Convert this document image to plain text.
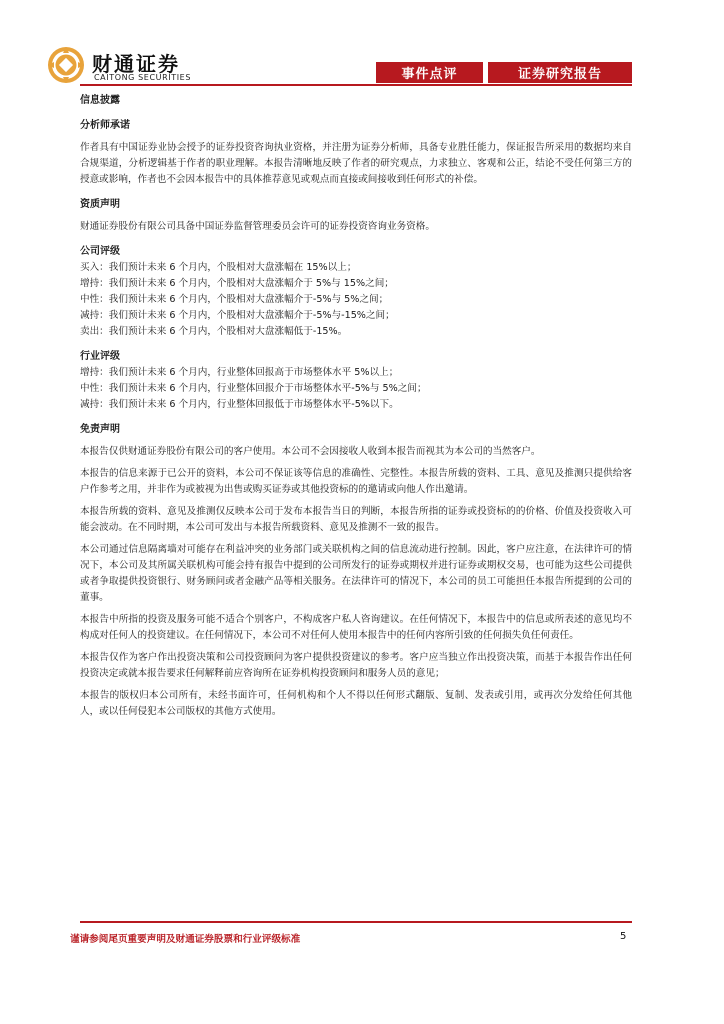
财通证券
CAITONG SECURITIES	事件点评	证券研究报告

信息披露

分析师承诺

作者具有中国证券业协会授予的证券投资咨询执业资格，并注册为证券分析师，具备专业胜任能力，保证报告所采用的数据均来自合规渠道，分析逻辑基于作者的职业理解。本报告清晰地反映了作者的研究观点，力求独立、客观和公正，结论不受任何第三方的授意或影响，作者也不会因本报告中的具体推荐意见或观点而直接或间接收到任何形式的补偿。

资质声明

财通证券股份有限公司具备中国证券监督管理委员会许可的证券投资咨询业务资格。

公司评级

买入：我们预计未来 6 个月内，个股相对大盘涨幅在 15%以上；

增持：我们预计未来 6 个月内，个股相对大盘涨幅介于 5%与 15%之间；

中性：我们预计未来 6 个月内，个股相对大盘涨幅介于-5%与 5%之间；

减持：我们预计未来 6 个月内，个股相对大盘涨幅介于-5%与-15%之间；

卖出：我们预计未来 6 个月内，个股相对大盘涨幅低于-15%。

行业评级

增持：我们预计未来 6 个月内，行业整体回报高于市场整体水平 5%以上；

中性：我们预计未来 6 个月内，行业整体回报介于市场整体水平-5%与 5%之间；

减持：我们预计未来 6 个月内，行业整体回报低于市场整体水平-5%以下。

免责声明

本报告仅供财通证券股份有限公司的客户使用。本公司不会因接收人收到本报告而视其为本公司的当然客户。

本报告的信息来源于已公开的资料，本公司不保证该等信息的准确性、完整性。本报告所载的资料、工具、意见及推测只提供给客户作参考之用，并非作为或被视为出售或购买证券或其他投资标的的邀请或向他人作出邀请。

本报告所载的资料、意见及推测仅反映本公司于发布本报告当日的判断，本报告所指的证券或投资标的的价格、价值及投资收入可能会波动。在不同时期，本公司可发出与本报告所载资料、意见及推测不一致的报告。

本公司通过信息隔离墙对可能存在利益冲突的业务部门或关联机构之间的信息流动进行控制。因此，客户应注意，在法律许可的情况下，本公司及其所属关联机构可能会持有报告中提到的公司所发行的证券或期权并进行证券或期权交易，也可能为这些公司提供或者争取提供投资银行、财务顾问或者金融产品等相关服务。在法律许可的情况下，本公司的员工可能担任本报告所提到的公司的董事。

本报告中所指的投资及服务可能不适合个别客户，不构成客户私人咨询建议。在任何情况下，本报告中的信息或所表述的意见均不构成对任何人的投资建议。在任何情况下，本公司不对任何人使用本报告中的任何内容所引致的任何损失负任何责任。

本报告仅作为客户作出投资决策和公司投资顾问为客户提供投资建议的参考。客户应当独立作出投资决策，而基于本报告作出任何投资决定或就本报告要求任何解释前应咨询所在证券机构投资顾问和服务人员的意见；

本报告的版权归本公司所有，未经书面许可，任何机构和个人不得以任何形式翻版、复制、发表或引用，或再次分发给任何其他人，或以任何侵犯本公司版权的其他方式使用。

谨请参阅尾页重要声明及财通证券股票和行业评级标准	5
